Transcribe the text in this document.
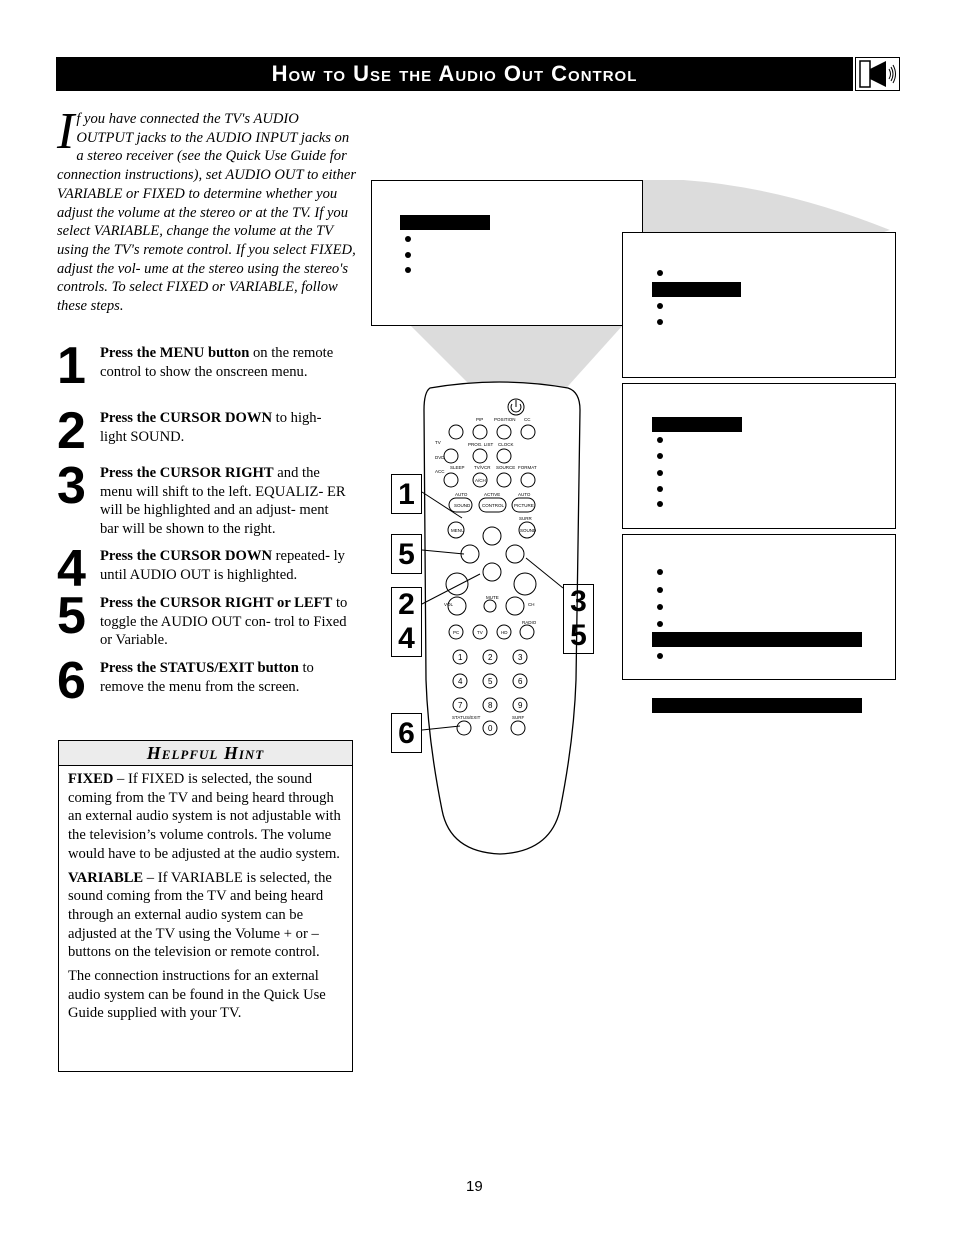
How to Use the Audio Out Control
If you have connected the TV's AUDIO OUTPUT jacks to the AUDIO INPUT jacks on a stereo receiver (see the Quick Use Guide for connection instructions), set AUDIO OUT to either VARIABLE or FIXED to determine whether you adjust the volume at the stereo or at the TV. If you select VARIABLE, change the volume at the TV using the TV's remote control. If you select FIXED, adjust the vol- ume at the stereo using the stereo's controls. To select FIXED or VARIABLE, follow these steps.
1 Press the MENU button on the remote control to show the onscreen menu.
2 Press the CURSOR DOWN to high- light SOUND.
3 Press the CURSOR RIGHT and the menu will shift to the left. EQUALIZ- ER will be highlighted and an adjust- ment bar will be shown to the right.
4 Press the CURSOR DOWN repeated- ly until AUDIO OUT is highlighted.
5 Press the CURSOR RIGHT or LEFT to toggle the AUDIO OUT con- trol to Fixed or Variable.
6 Press the STATUS/EXIT button to remove the menu from the screen.
Helpful Hint

FIXED – If FIXED is selected, the sound coming from the TV and being heard through an external audio system is not adjustable with the television’s volume controls. The volume would have to be adjusted at the audio system.

VARIABLE – If VARIABLE is selected, the sound coming from the TV and being heard through an external audio system can be adjusted at the TV using the Volume + or – buttons on the television or remote control.

The connection instructions for an external audio system can be found in the Quick Use Guide supplied with your TV.

19
PIP POSITION CC
PROG. LIST CLOCK
TV
DVD
ACC
SLEEP TV/VCR SOURCE FORMAT
A/CH
AUTO	ACTIVE	AUTO
SOUND	CONTROL PICTURE
SURR
MENU	SOUND
VOL
MUTE
CH
RADIO
PC	TV	HD
STATUS/EXIT	SURF
1	2	3
4	5	6
7	8	9
0
1
5
2
4
6
3
5
